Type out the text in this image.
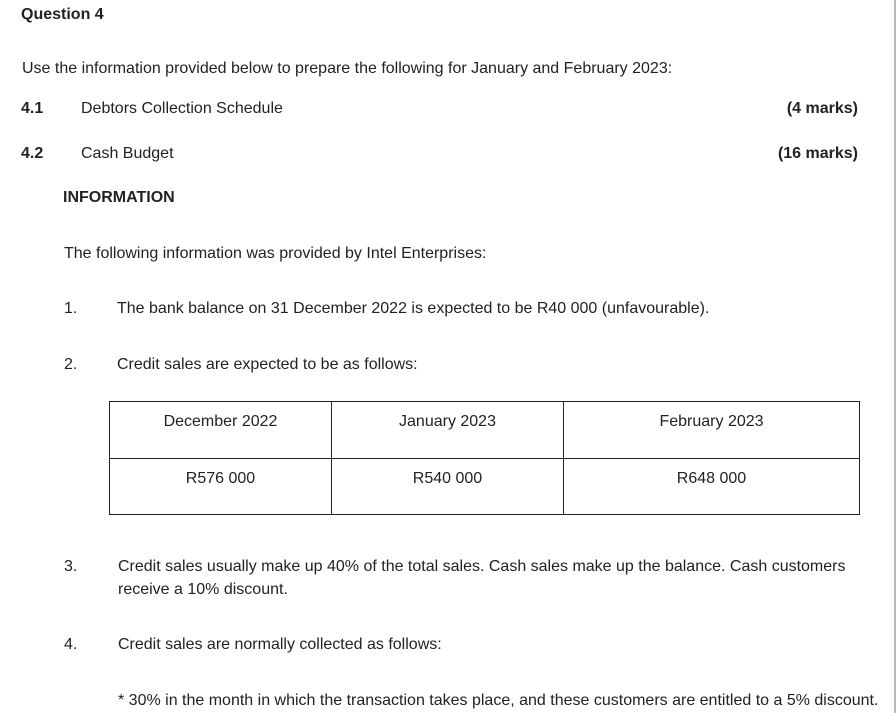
Question 4
Use the information provided below to prepare the following for January and February 2023:
4.1 Debtors Collection Schedule	(4 marks)
4.2 Cash Budget	(16 marks)
INFORMATION
The following information was provided by Intel Enterprises:
1. The bank balance on 31 December 2022 is expected to be R40 000 (unfavourable).
2. Credit sales are expected to be as follows:
December 2022	January 2023	February 2023
R576 000	R540 000	R648 000
3.	Credit sales usually make up 40% of the total sales. Cash sales make up the balance. Cash customers receive a 10% discount.
4.	Credit sales are normally collected as follows:
* 30% in the month in which the transaction takes place, and these customers are entitled to a 5% discount.
